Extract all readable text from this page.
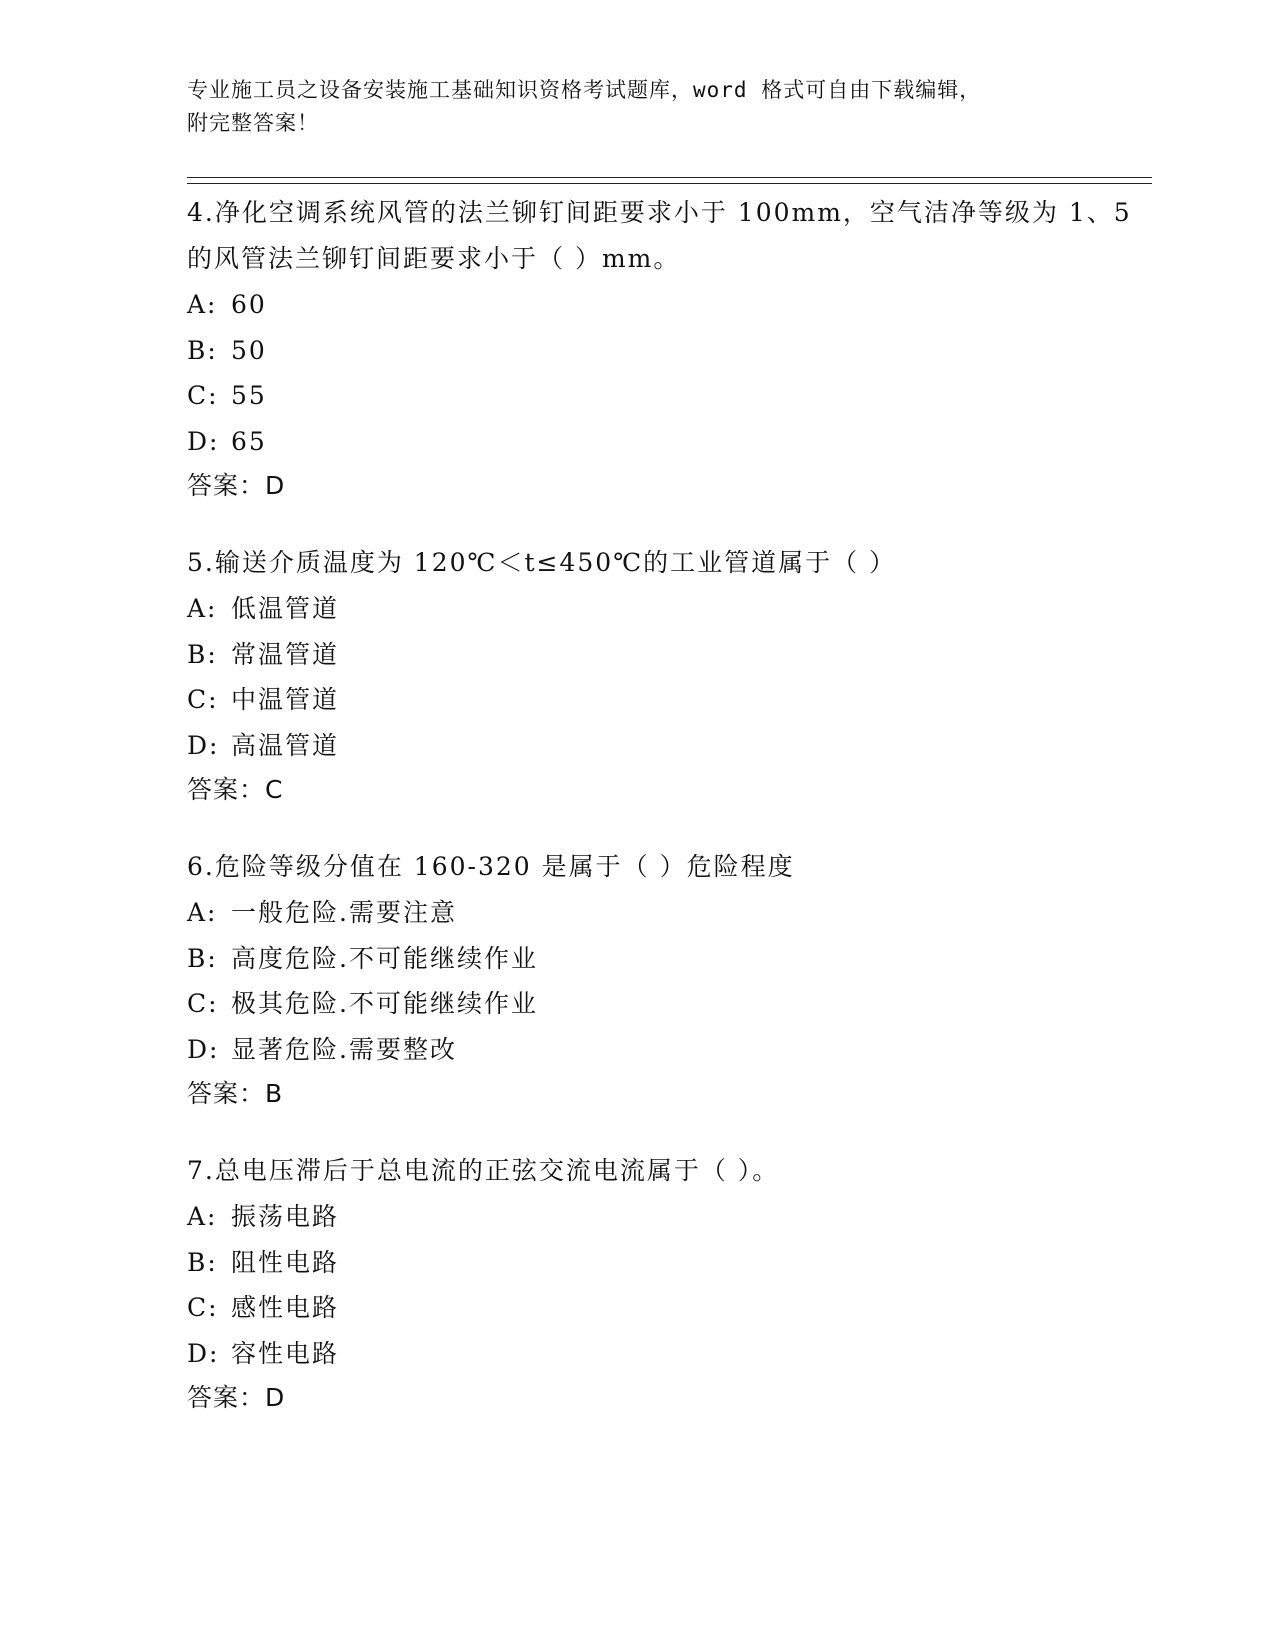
专业施工员之设备安装施工基础知识资格考试题库，word 格式可自由下载编辑，
附完整答案！

4.净化空调系统风管的法兰铆钉间距要求小于 100mm，空气洁净等级为 1、5 的风管法兰铆钉间距要求小于（ ）mm。

A: 60

B: 50

C: 55

D: 65

答案：D

5.输送介质温度为 120℃＜t≤450℃的工业管道属于（ ）

A: 低温管道

B: 常温管道

C: 中温管道

D: 高温管道

答案：C

6.危险等级分值在 160-320 是属于（ ）危险程度

A: 一般危险.需要注意

B: 高度危险.不可能继续作业

C: 极其危险.不可能继续作业

D: 显著危险.需要整改

答案：B

7.总电压滞后于总电流的正弦交流电流属于（ ）。

A: 振荡电路

B: 阻性电路

C: 感性电路

D: 容性电路

答案：D
